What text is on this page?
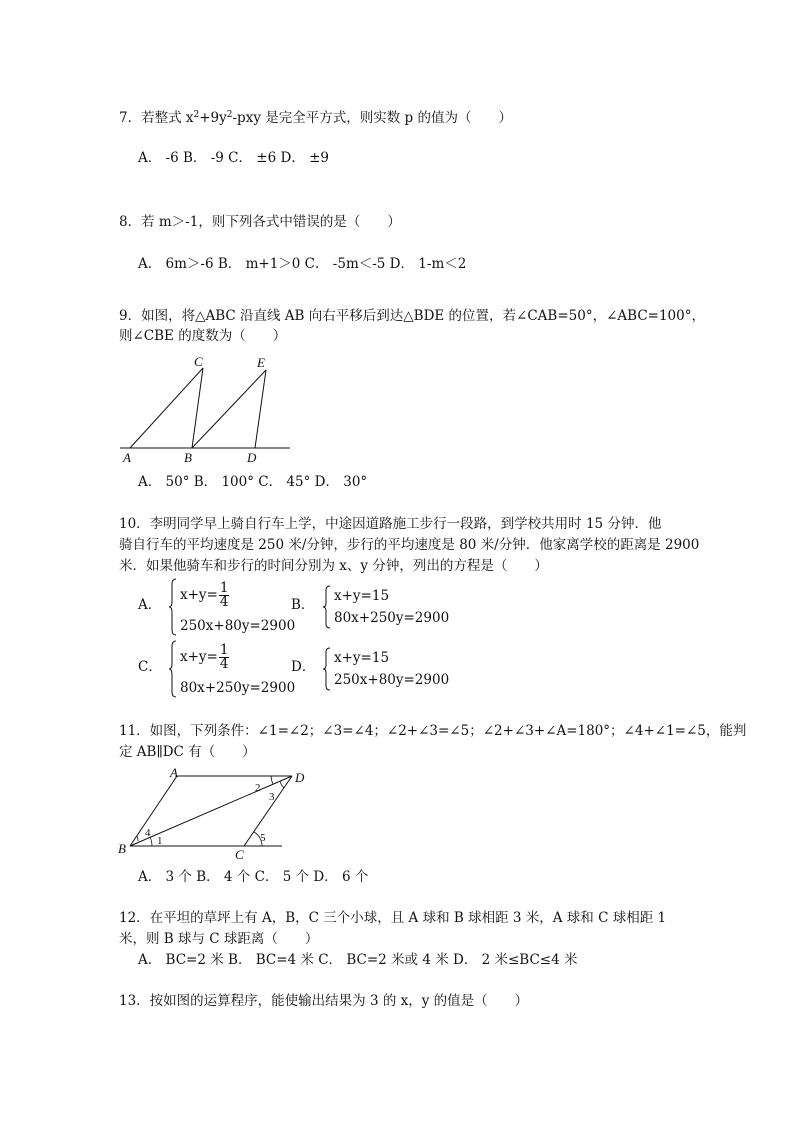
7．若整式 $x^2+9y^2$-pxy 是完全平方式，则实数 p 的值为（　　）
A． -6 B． -9 C． ±6 D． ±9
8．若 m＞-1，则下列各式中错误的是（　　）
A． 6m＞-6 B． m+1＞0 C． -5m＜-5 D． 1-m＜2
9．如图，将△ABC 沿直线 AB 向右平移后到达△BDE 的位置，若∠CAB=50°，∠ABC=100°，
则∠CBE 的度数为（　　）
C	E
A	B	D
A． 50° B． 100° C． 45° D． 30°
10．李明同学早上骑自行车上学，中途因道路施工步行一段路，到学校共用时 15 分钟．他
骑自行车的平均速度是 250 米/分钟，步行的平均速度是 80 米/分钟．他家离学校的距离是 2900
米．如果他骑车和步行的时间分别为 x、y 分钟，列出的方程是（　　）
A．
$x+y= \frac{1}{4}$
250x+80y=2900
B．
x+y=15
80x+250y=2900
C．
$x+y= \frac{1}{4}$
80x+250y=2900
D．
x+y=15
250x+80y=2900
11．如图，下列条件：∠1=∠2；∠3=∠4；∠2+∠3=∠5；∠2+∠3+∠A=180°；∠4+∠1=∠5，能判
定 AB∥DC 有（　　）
A	D
B	C
1
2
3
4	5
A． 3 个 B． 4 个 C． 5 个 D． 6 个
12．在平坦的草坪上有 A，B，C 三个小球，且 A 球和 B 球相距 3 米，A 球和 C 球相距 1
米，则 B 球与 C 球距离（　　）
A． BC=2 米 B． BC=4 米 C． BC=2 米或 4 米 D． 2 米≤BC≤4 米
13．按如图的运算程序，能使输出结果为 3 的 x，y 的值是（　　）
